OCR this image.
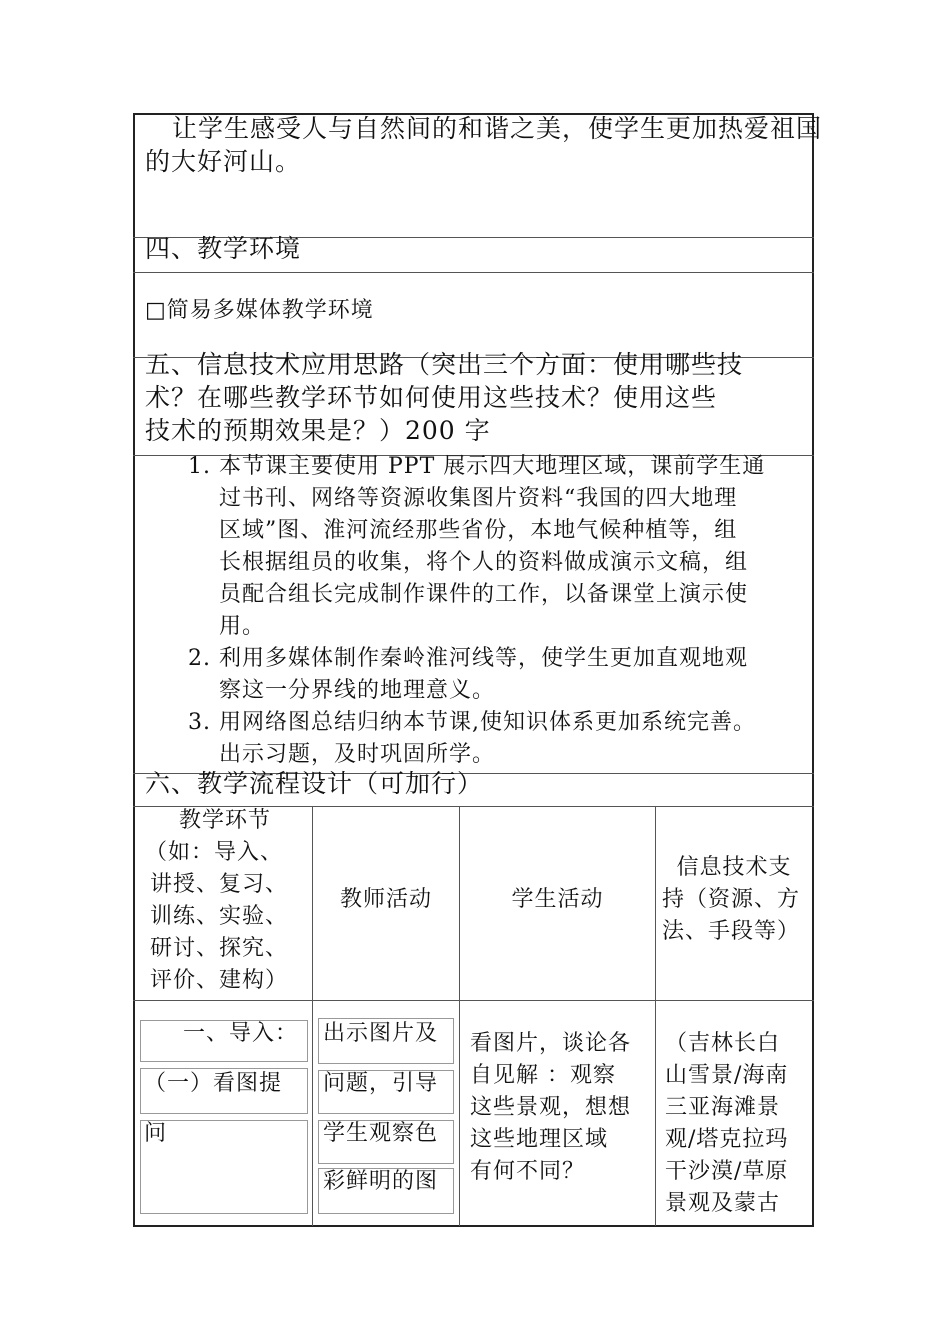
让学生感受人与自然间的和谐之美，使学生更加热爱祖国
的大好河山。
四、教学环境
□简易多媒体教学环境
五、信息技术应用思路（突出三个方面：使用哪些技
术？在哪些教学环节如何使用这些技术？使用这些
技术的预期效果是？）200 字
1. 本节课主要使用 PPT 展示四大地理区域，课前学生通
过书刊、网络等资源收集图片资料“我国的四大地理
区域”图、淮河流经那些省份，本地气候种植等，组
长根据组员的收集，将个人的资料做成演示文稿，组
员配合组长完成制作课件的工作，以备课堂上演示使
用。
2. 利用多媒体制作秦岭淮河线等，使学生更加直观地观
察这一分界线的地理意义。
3. 用网络图总结归纳本节课,使知识体系更加系统完善。
出示习题，及时巩固所学。
六、教学流程设计（可加行）
教学环节
（如：导入、
讲授、复习、
训练、实验、
研讨、探究、
评价、建构）
教师活动	学生活动
信息技术支
持（资源、方
法、手段等）
一、导入：
（一）看图提
问
出示图片及
问题，引导
学生观察色
彩鲜明的图
看图片，谈论各
自见解 ：观察
这些景观，想想
这些地理区域
有何不同？
（吉林长白
山雪景/海南
三亚海滩景
观/塔克拉玛
干沙漠/草原
景观及蒙古
